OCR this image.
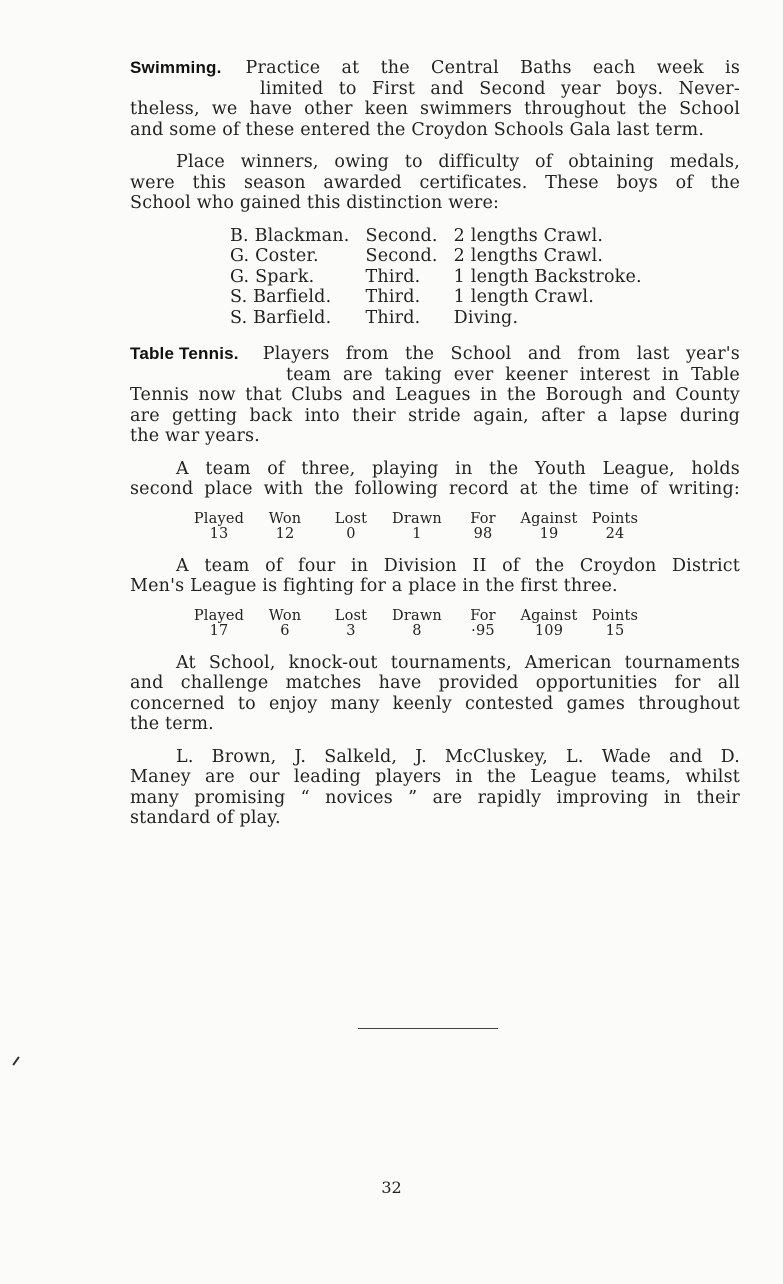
Swimming. Practice at the Central Baths each week is
limited to First and Second year boys. Never-
theless, we have other keen swimmers throughout the School
and some of these entered the Croydon Schools Gala last term.
Place winners, owing to difficulty of obtaining medals,
were this season awarded certificates. These boys of the
School who gained this distinction were:
B. Blackman.	Second.	2 lengths Crawl.
G. Coster.	Second.	2 lengths Crawl.
G. Spark.	Third.	1 length Backstroke.
S. Barfield.	Third.	1 length Crawl.
S. Barfield.	Third.	Diving.
Table Tennis. Players from the School and from last year's
team are taking ever keener interest in Table
Tennis now that Clubs and Leagues in the Borough and County
are getting back into their stride again, after a lapse during
the war years.
A team of three, playing in the Youth League, holds
second place with the following record at the time of writing:
Played	Won	Lost	Drawn	For	Against	Points
13	12	0	1	98	19	24
A team of four in Division II of the Croydon District
Men's League is fighting for a place in the first three.
Played	Won	Lost	Drawn	For	Against	Points
17	6	3	8	·95	109	15
At School, knock-out tournaments, American tournaments
and challenge matches have provided opportunities for all
concerned to enjoy many keenly contested games throughout
the term.
L. Brown, J. Salkeld, J. McCluskey, L. Wade and D.
Maney are our leading players in the League teams, whilst
many promising “ novices ” are rapidly improving in their
standard of play.
32
